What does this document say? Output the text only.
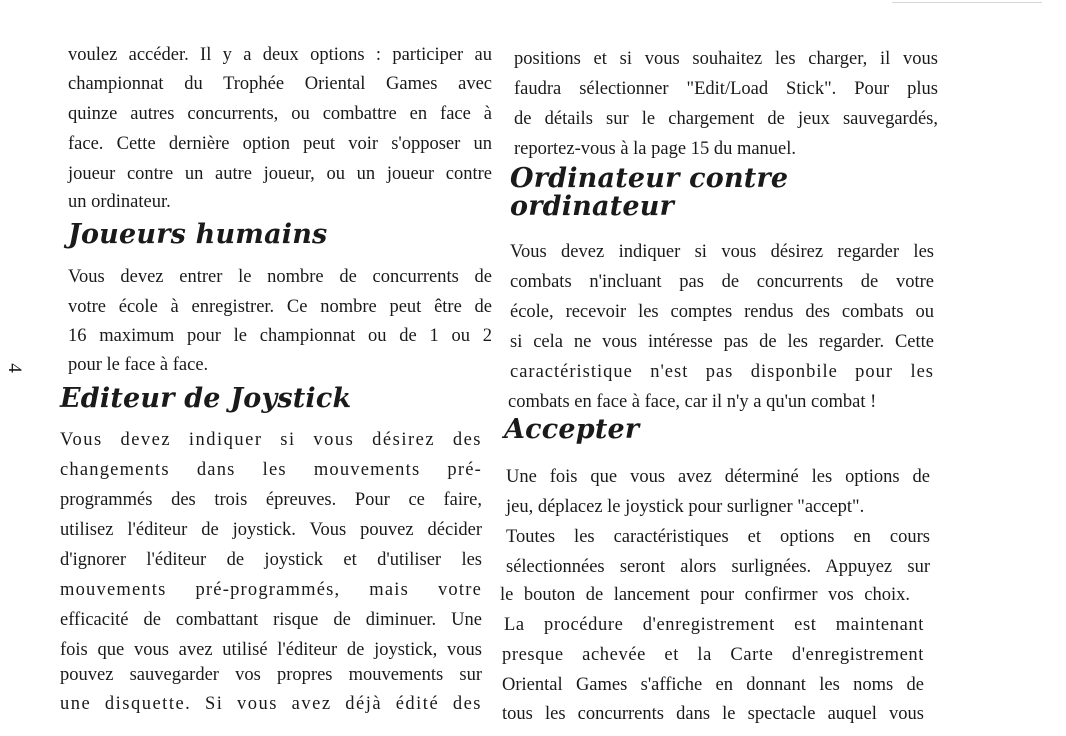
4
voulez accéder. Il y a deux options : participer au
championnat du Trophée Oriental Games avec
quinze autres concurrents, ou combattre en face à
face. Cette dernière option peut voir s'opposer un
joueur contre un autre joueur, ou un joueur contre
un ordinateur.
Joueurs humains
Vous devez entrer le nombre de concurrents de
votre école à enregistrer. Ce nombre peut être de
16 maximum pour le championnat ou de 1 ou 2
pour le face à face.
Editeur de Joystick
Vous devez indiquer si vous désirez des
changements dans les mouvements pré-
programmés des trois épreuves. Pour ce faire,
utilisez l'éditeur de joystick. Vous pouvez décider
d'ignorer l'éditeur de joystick et d'utiliser les
mouvements pré-programmés, mais votre
efficacité de combattant risque de diminuer. Une
fois que vous avez utilisé l'éditeur de joystick, vous
pouvez sauvegarder vos propres mouvements sur
une disquette. Si vous avez déjà édité des
positions et si vous souhaitez les charger, il vous
faudra sélectionner "Edit/Load Stick". Pour plus
de détails sur le chargement de jeux sauvegardés,
reportez-vous à la page 15 du manuel.
Ordinateur contre
ordinateur
Vous devez indiquer si vous désirez regarder les
combats n'incluant pas de concurrents de votre
école, recevoir les comptes rendus des combats ou
si cela ne vous intéresse pas de les regarder. Cette
caractéristique n'est pas disponbile pour les
combats en face à face, car il n'y a qu'un combat !
Accepter
Une fois que vous avez déterminé les options de
jeu, déplacez le joystick pour surligner "accept".
Toutes les caractéristiques et options en cours
sélectionnées seront alors surlignées. Appuyez sur
le bouton de lancement pour confirmer vos choix.
La procédure d'enregistrement est maintenant
presque achevée et la Carte d'enregistrement
Oriental Games s'affiche en donnant les noms de
tous les concurrents dans le spectacle auquel vous
